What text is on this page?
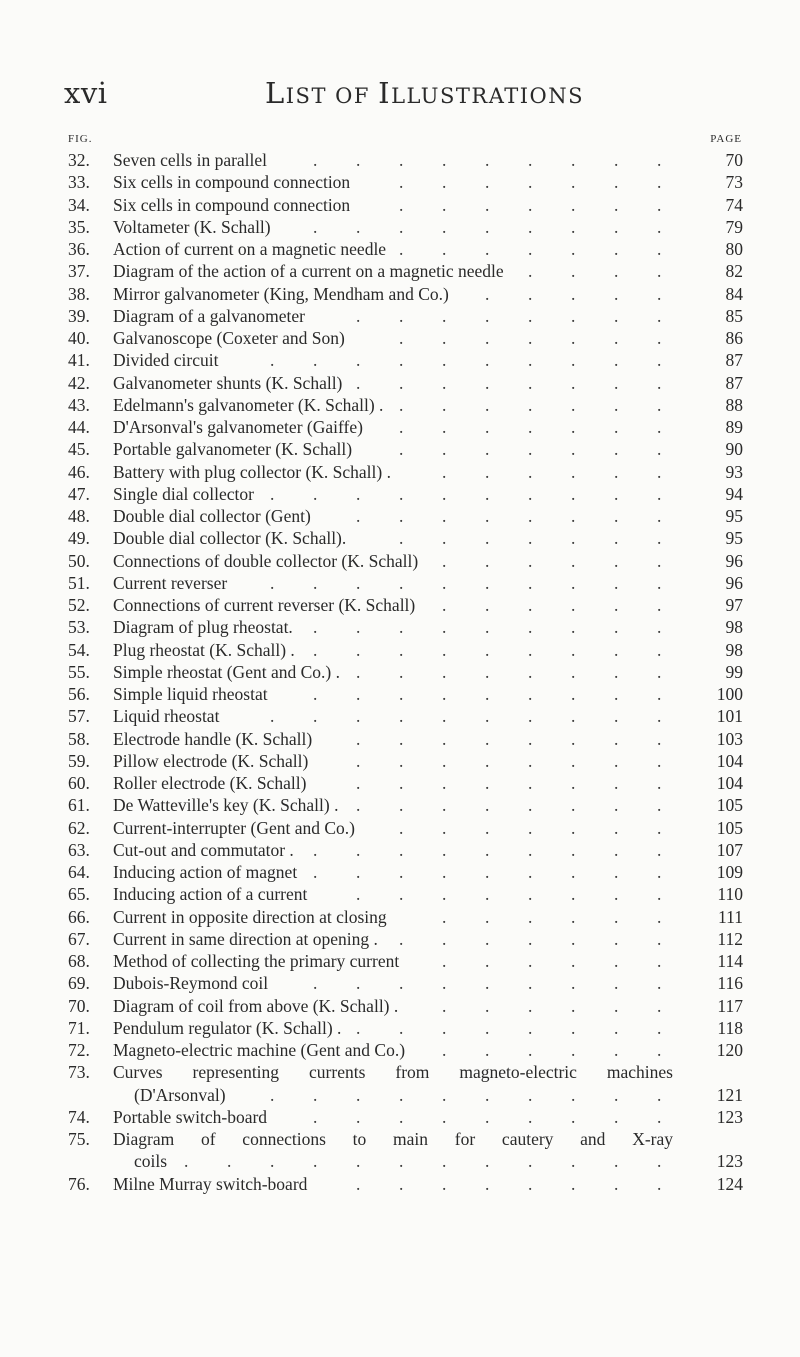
xvi	LIST OF ILLUSTRATIONS
FIG.	PAGE
32. Seven cells in parallel	70
.
.
.
.
.
.
.
.
.
33. Six cells in compound connection	73
.
.
.
.
.
.
.
34. Six cells in compound connection	74
.
.
.
.
.
.
.
35. Voltameter (K. Schall)	79
.
.
.
.
.
.
.
.
.
36. Action of current on a magnetic needle	80
.
.
.
.
.
.
.
37. Diagram of the action of a current on a magnetic needle	82
.
.
.
.
38. Mirror galvanometer (King, Mendham and Co.)	84
.
.
.
.
.
39. Diagram of a galvanometer	85
.
.
.
.
.
.
.
.
40. Galvanoscope (Coxeter and Son)	86
.
.
.
.
.
.
.
41. Divided circuit	87
.
.
.
.
.
.
.
.
.
.
42. Galvanometer shunts (K. Schall)	87
.
.
.
.
.
.
.
.
43. Edelmann's galvanometer (K. Schall) .	88
.
.
.
.
.
.
.
44. D'Arsonval's galvanometer (Gaiffe)	89
.
.
.
.
.
.
.
45. Portable galvanometer (K. Schall)	90
.
.
.
.
.
.
.
46. Battery with plug collector (K. Schall) .	93
.
.
.
.
.
.
47. Single dial collector	94
.
.
.
.
.
.
.
.
.
.
48. Double dial collector (Gent)	95
.
.
.
.
.
.
.
.
49. Double dial collector (K. Schall).	95
.
.
.
.
.
.
.
50. Connections of double collector (K. Schall)	96
.
.
.
.
.
.
51. Current reverser	96
.
.
.
.
.
.
.
.
.
.
52. Connections of current reverser (K. Schall)	97
.
.
.
.
.
.
53. Diagram of plug rheostat.	98
.
.
.
.
.
.
.
.
.
54. Plug rheostat (K. Schall) .	98
.
.
.
.
.
.
.
.
.
55. Simple rheostat (Gent and Co.) .	99
.
.
.
.
.
.
.
.
56. Simple liquid rheostat	100
.
.
.
.
.
.
.
.
.
57. Liquid rheostat	101
.
.
.
.
.
.
.
.
.
.
58. Electrode handle (K. Schall)	103
.
.
.
.
.
.
.
.
59. Pillow electrode (K. Schall)	104
.
.
.
.
.
.
.
.
60. Roller electrode (K. Schall)	104
.
.
.
.
.
.
.
.
61. De Watteville's key (K. Schall) .	105
.
.
.
.
.
.
.
.
62. Current-interrupter (Gent and Co.)	105
.
.
.
.
.
.
.
63. Cut-out and commutator .	107
.
.
.
.
.
.
.
.
.
64. Inducing action of magnet	109
.
.
.
.
.
.
.
.
.
65. Inducing action of a current	110
.
.
.
.
.
.
.
.
66. Current in opposite direction at closing	111
.
.
.
.
.
.
67. Current in same direction at opening .	112
.
.
.
.
.
.
.
68. Method of collecting the primary current	114
.
.
.
.
.
.
69. Dubois-Reymond coil	116
.
.
.
.
.
.
.
.
.
70. Diagram of coil from above (K. Schall) .	117
.
.
.
.
.
.
71. Pendulum regulator (K. Schall) .	118
.
.
.
.
.
.
.
.
72. Magneto-electric machine (Gent and Co.)	120
.
.
.
.
.
.
73. Curves representing currents from magneto-electric machines
(D'Arsonval)	121
.
.
.
.
.
.
.
.
.
.
74. Portable switch-board	123
.
.
.
.
.
.
.
.
.
75. Diagram of connections to main for cautery and X-ray
coils	123
.
.
.
.
.
.
.
.
.
.
.
.
76. Milne Murray switch-board	124
.
.
.
.
.
.
.
.
